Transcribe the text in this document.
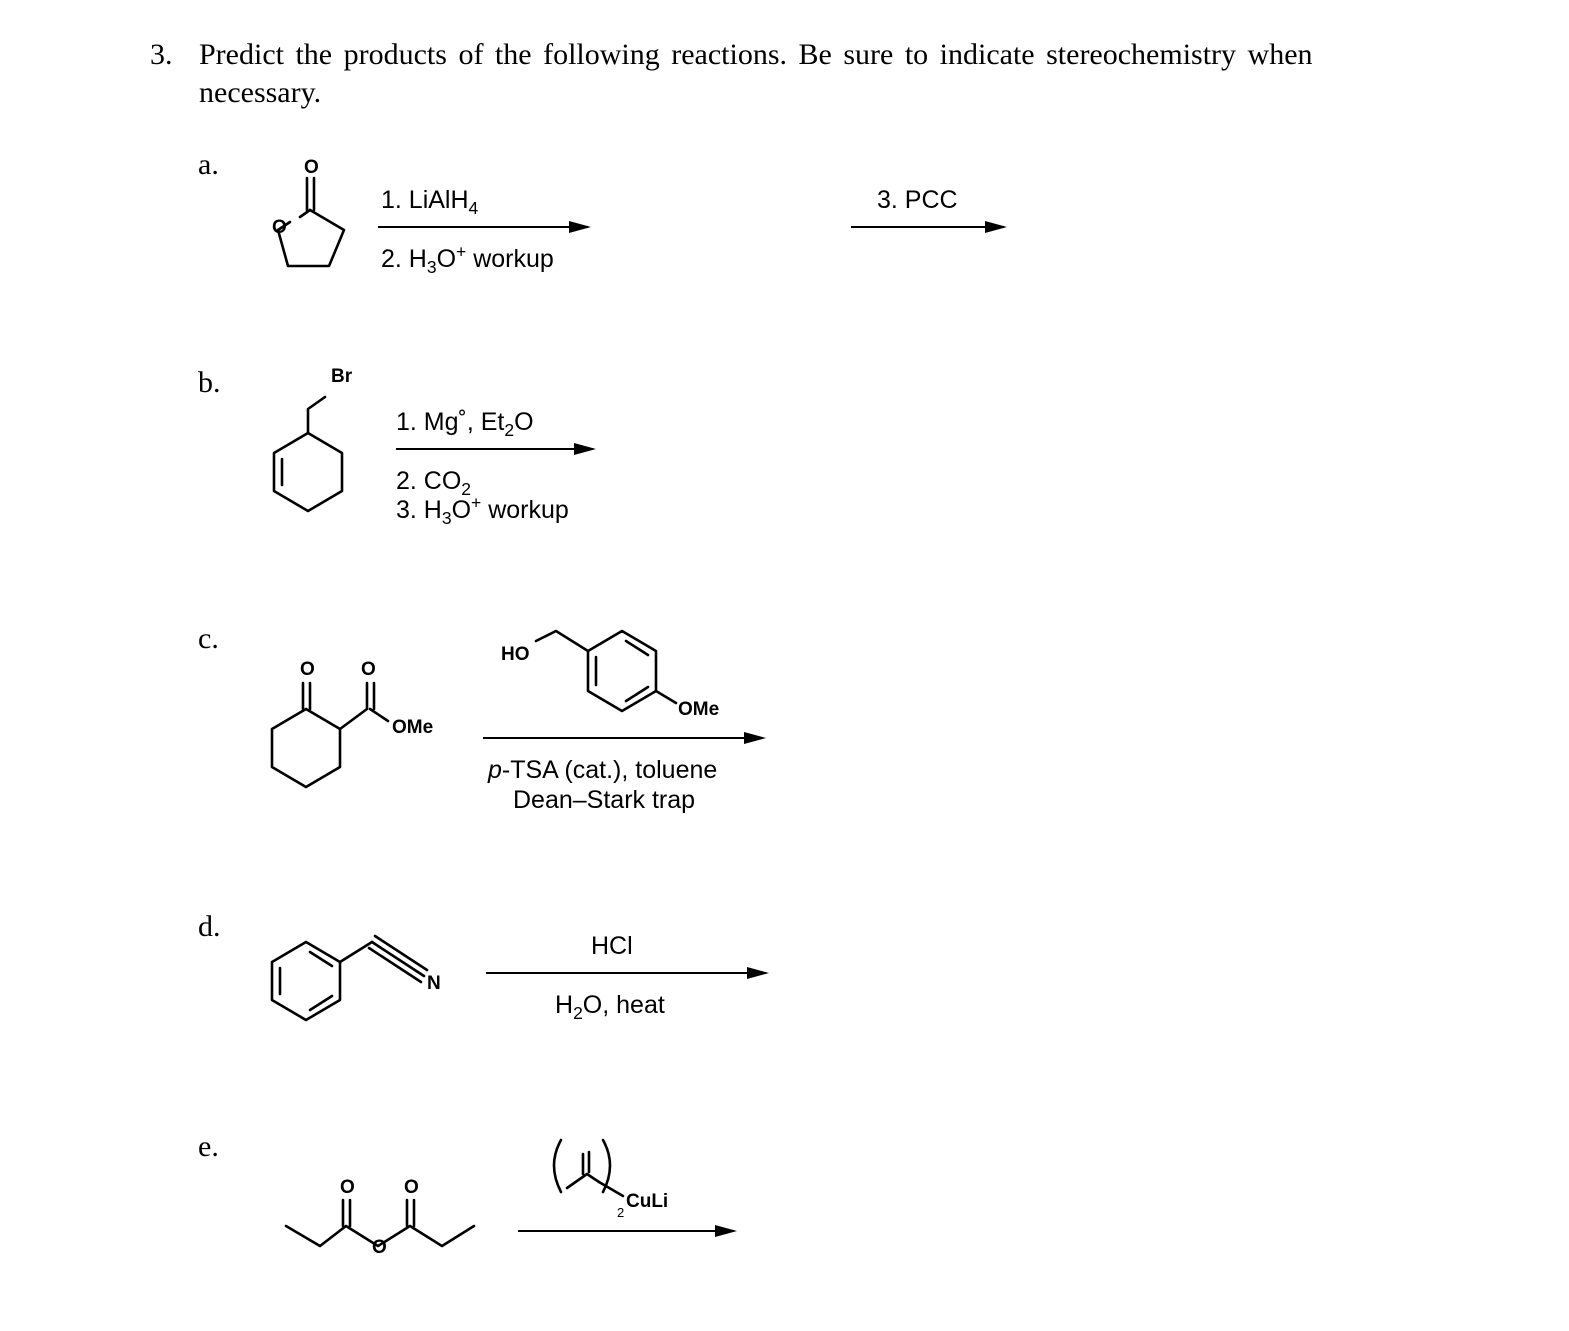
3. Predict the products of the following reactions. Be sure to indicate stereochemistry when
necessary.
a.	O
O
1. LiAlH$_4$
2. $H_3O^+$ workup
3. PCC
b.	Br
1. Mg˚, $Et_2O$
2. $CO_2$
3. $H_3O^+$ workup
c.
O O
OMe
HO
OMe
p-TSA (cat.), toluene
Dean–Stark trap
d.
N
HCl
$H_2O$, heat
e.
O	O
O
CuLi
2
